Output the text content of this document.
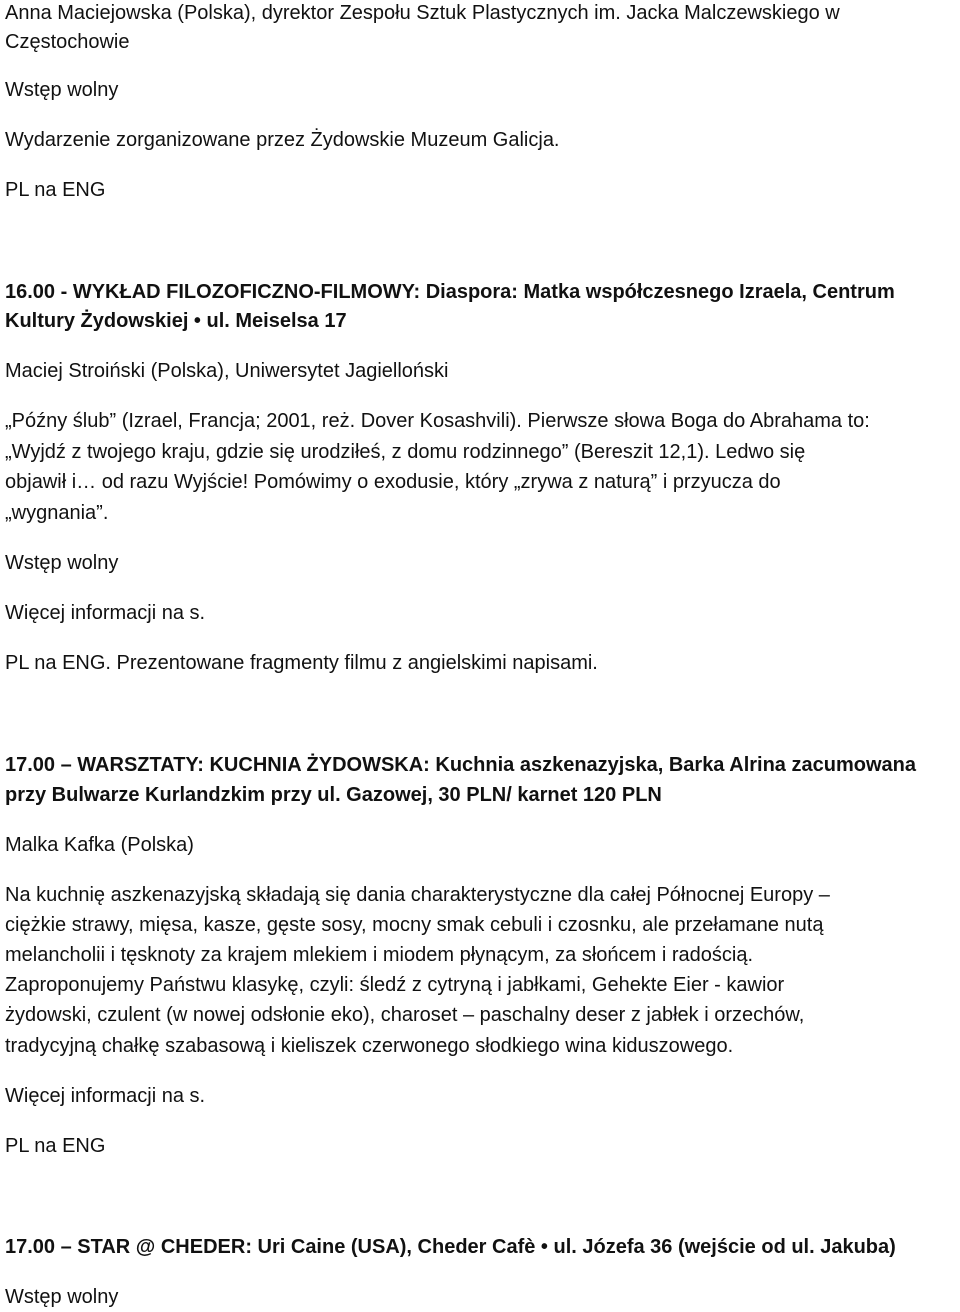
Anna Maciejowska (Polska), dyrektor Zespołu Sztuk Plastycznych im. Jacka Malczewskiego w
Częstochowie
Wstęp wolny
Wydarzenie zorganizowane przez Żydowskie Muzeum Galicja.
PL na ENG
16.00 - WYKŁAD FILOZOFICZNO-FILMOWY: Diaspora: Matka współczesnego Izraela, Centrum
Kultury Żydowskiej • ul. Meiselsa 17
Maciej Stroiński (Polska), Uniwersytet Jagielloński
„Późny ślub” (Izrael, Francja; 2001, reż. Dover Kosashvili). Pierwsze słowa Boga do Abrahama to:
„Wyjdź z twojego kraju, gdzie się urodziłeś, z domu rodzinnego” (Bereszit 12,1). Ledwo się
objawił i… od razu Wyjście! Pomówimy o exodusie, który „zrywa z naturą” i przyucza do
„wygnania”.
Wstęp wolny
Więcej informacji na s.
PL na ENG. Prezentowane fragmenty filmu z angielskimi napisami.
17.00 – WARSZTATY: KUCHNIA ŻYDOWSKA: Kuchnia aszkenazyjska, Barka Alrina zacumowana
przy Bulwarze Kurlandzkim przy ul. Gazowej, 30 PLN/ karnet 120 PLN
Malka Kafka (Polska)
Na kuchnię aszkenazyjską składają się dania charakterystyczne dla całej Północnej Europy –
ciężkie strawy, mięsa, kasze, gęste sosy, mocny smak cebuli i czosnku, ale przełamane nutą
melancholii i tęsknoty za krajem mlekiem i miodem płynącym, za słońcem i radością.
Zaproponujemy Państwu klasykę, czyli: śledź z cytryną i jabłkami, Gehekte Eier - kawior
żydowski, czulent (w nowej odsłonie eko), charoset – paschalny deser z jabłek i orzechów,
tradycyjną chałkę szabasową i kieliszek czerwonego słodkiego wina kiduszowego.
Więcej informacji na s.
PL na ENG
17.00 – STAR @ CHEDER: Uri Caine (USA), Cheder Cafè • ul. Józefa 36 (wejście od ul. Jakuba)
Wstęp wolny
